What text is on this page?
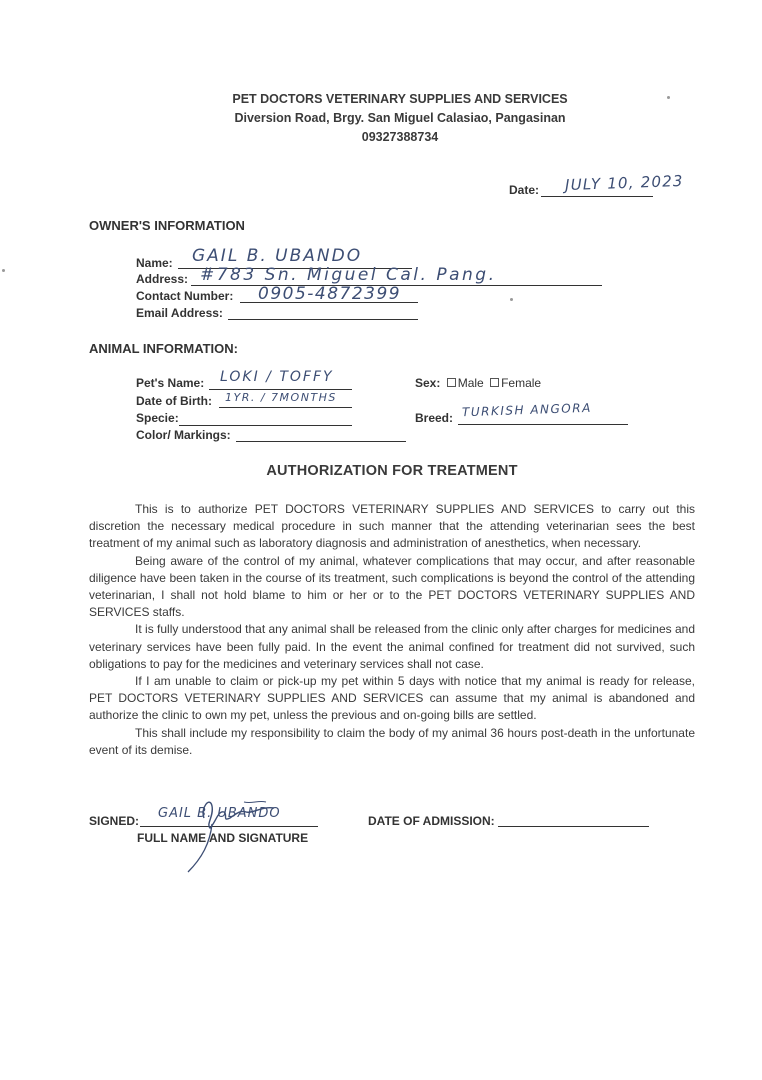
PET DOCTORS VETERINARY SUPPLIES AND SERVICES
Diversion Road, Brgy. San Miguel Calasiao, Pangasinan
09327388734
Date: JULY 10, 2023
OWNER'S INFORMATION
Name: GAIL B. UBANDO
Address: #783 Sn. Miguel Cal. Pang.
Contact Number: 0905-4872399
Email Address:
ANIMAL INFORMATION:
Pet's Name: LOKI / TOFFY
Date of Birth: 1YR. / 7MONTHS
Specie:
Color/ Markings:
Sex: Male Female
Breed: TURKISH ANGORA
AUTHORIZATION FOR TREATMENT

This is to authorize PET DOCTORS VETERINARY SUPPLIES AND SERVICES to carry out this discretion the necessary medical procedure in such manner that the attending veterinarian sees the best treatment of my animal such as laboratory diagnosis and administration of anesthetics, when necessary.

Being aware of the control of my animal, whatever complications that may occur, and after reasonable diligence have been taken in the course of its treatment, such complications is beyond the control of the attending veterinarian, I shall not hold blame to him or her or to the PET DOCTORS VETERINARY SUPPLIES AND SERVICES staffs.

It is fully understood that any animal shall be released from the clinic only after charges for medicines and veterinary services have been fully paid. In the event the animal confined for treatment did not survived, such obligations to pay for the medicines and veterinary services shall not case.

If I am unable to claim or pick-up my pet within 5 days with notice that my animal is ready for release, PET DOCTORS VETERINARY SUPPLIES AND SERVICES can assume that my animal is abandoned and authorize the clinic to own my pet, unless the previous and on-going bills are settled.

This shall include my responsibility to claim the body of my animal 36 hours post-death in the unfortunate event of its demise.

SIGNED: GAIL B. UBANDO
FULL NAME AND SIGNATURE
DATE OF ADMISSION:
